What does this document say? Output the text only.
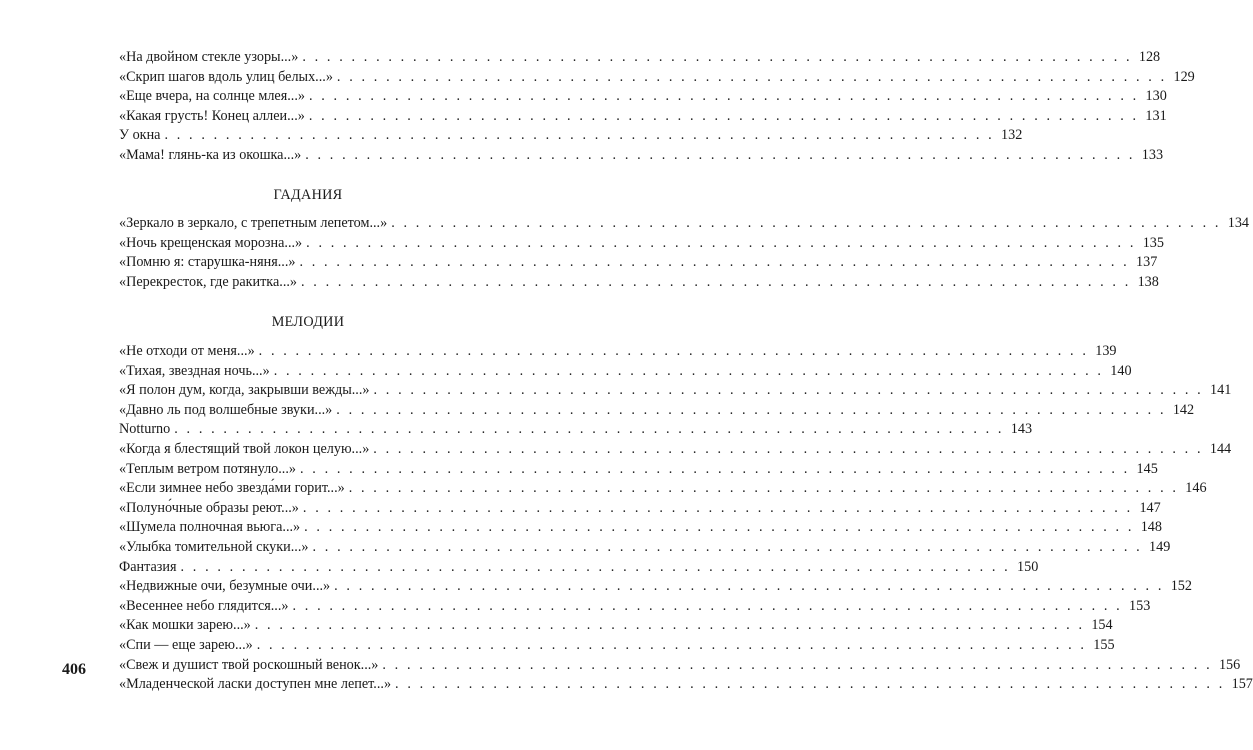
«На двойном стекле узоры...» . . . . . . . . . . . . . . . . . . . . . . . . . . . . . . . . . . . . . . . . . . . . . . . . . . . . . . . . . . . . . . . . . . . . 128
«Скрип шагов вдоль улиц белых...» . . . . . . . . . . . . . . . . . . . . . . . . . . . . . . . . . . . . . . . . . . . . . . . . . . . . . . . . . . . . . . . . . . . . 129
«Еще вчера, на солнце млея...» . . . . . . . . . . . . . . . . . . . . . . . . . . . . . . . . . . . . . . . . . . . . . . . . . . . . . . . . . . . . . . . . . . . . 130
«Какая грусть! Конец аллеи...» . . . . . . . . . . . . . . . . . . . . . . . . . . . . . . . . . . . . . . . . . . . . . . . . . . . . . . . . . . . . . . . . . . . . 131
У окна . . . . . . . . . . . . . . . . . . . . . . . . . . . . . . . . . . . . . . . . . . . . . . . . . . . . . . . . . . . . . . . . . . . . 132
«Мама! глянь-ка из окошка...» . . . . . . . . . . . . . . . . . . . . . . . . . . . . . . . . . . . . . . . . . . . . . . . . . . . . . . . . . . . . . . . . . . . . 133
ГАДАНИЯ
«Зеркало в зеркало, с трепетным лепетом...» . . . . . . . . . . . . . . . . . . . . . . . . . . . . . . . . . . . . . . . . . . . . . . . . . . . . . . . . . . . . . . . . . . . . 134
«Ночь крещенская морозна...» . . . . . . . . . . . . . . . . . . . . . . . . . . . . . . . . . . . . . . . . . . . . . . . . . . . . . . . . . . . . . . . . . . . . 135
«Помню я: старушка-няня...» . . . . . . . . . . . . . . . . . . . . . . . . . . . . . . . . . . . . . . . . . . . . . . . . . . . . . . . . . . . . . . . . . . . . 137
«Перекресток, где ракитка...» . . . . . . . . . . . . . . . . . . . . . . . . . . . . . . . . . . . . . . . . . . . . . . . . . . . . . . . . . . . . . . . . . . . . 138
МЕЛОДИИ
«Не отходи от меня...» . . . . . . . . . . . . . . . . . . . . . . . . . . . . . . . . . . . . . . . . . . . . . . . . . . . . . . . . . . . . . . . . . . . . 139
«Тихая, звездная ночь...» . . . . . . . . . . . . . . . . . . . . . . . . . . . . . . . . . . . . . . . . . . . . . . . . . . . . . . . . . . . . . . . . . . . . 140
«Я полон дум, когда, закрывши вежды...» . . . . . . . . . . . . . . . . . . . . . . . . . . . . . . . . . . . . . . . . . . . . . . . . . . . . . . . . . . . . . . . . . . . . 141
«Давно ль под волшебные звуки...» . . . . . . . . . . . . . . . . . . . . . . . . . . . . . . . . . . . . . . . . . . . . . . . . . . . . . . . . . . . . . . . . . . . . 142
Notturno . . . . . . . . . . . . . . . . . . . . . . . . . . . . . . . . . . . . . . . . . . . . . . . . . . . . . . . . . . . . . . . . . . . . 143
«Когда я блестящий твой локон целую...» . . . . . . . . . . . . . . . . . . . . . . . . . . . . . . . . . . . . . . . . . . . . . . . . . . . . . . . . . . . . . . . . . . . . 144
«Теплым ветром потянуло...» . . . . . . . . . . . . . . . . . . . . . . . . . . . . . . . . . . . . . . . . . . . . . . . . . . . . . . . . . . . . . . . . . . . . 145
«Если зимнее небо звезда́ми горит...» . . . . . . . . . . . . . . . . . . . . . . . . . . . . . . . . . . . . . . . . . . . . . . . . . . . . . . . . . . . . . . . . . . . . 146
«Полуно́чные образы реют...» . . . . . . . . . . . . . . . . . . . . . . . . . . . . . . . . . . . . . . . . . . . . . . . . . . . . . . . . . . . . . . . . . . . . 147
«Шумела полночная вьюга...» . . . . . . . . . . . . . . . . . . . . . . . . . . . . . . . . . . . . . . . . . . . . . . . . . . . . . . . . . . . . . . . . . . . . 148
«Улыбка томительной скуки...» . . . . . . . . . . . . . . . . . . . . . . . . . . . . . . . . . . . . . . . . . . . . . . . . . . . . . . . . . . . . . . . . . . . . 149
Фантазия . . . . . . . . . . . . . . . . . . . . . . . . . . . . . . . . . . . . . . . . . . . . . . . . . . . . . . . . . . . . . . . . . . . . 150
«Недвижные очи, безумные очи...» . . . . . . . . . . . . . . . . . . . . . . . . . . . . . . . . . . . . . . . . . . . . . . . . . . . . . . . . . . . . . . . . . . . . 152
«Весеннее небо глядится...» . . . . . . . . . . . . . . . . . . . . . . . . . . . . . . . . . . . . . . . . . . . . . . . . . . . . . . . . . . . . . . . . . . . . 153
«Как мошки зарею...» . . . . . . . . . . . . . . . . . . . . . . . . . . . . . . . . . . . . . . . . . . . . . . . . . . . . . . . . . . . . . . . . . . . . 154
«Спи — еще зарею...» . . . . . . . . . . . . . . . . . . . . . . . . . . . . . . . . . . . . . . . . . . . . . . . . . . . . . . . . . . . . . . . . . . . . 155
«Свеж и душист твой роскошный венок...» . . . . . . . . . . . . . . . . . . . . . . . . . . . . . . . . . . . . . . . . . . . . . . . . . . . . . . . . . . . . . . . . . . . . 156
«Младенческой ласки доступен мне лепет...» . . . . . . . . . . . . . . . . . . . . . . . . . . . . . . . . . . . . . . . . . . . . . . . . . . . . . . . . . . . . . . . . . . . . 157
406
